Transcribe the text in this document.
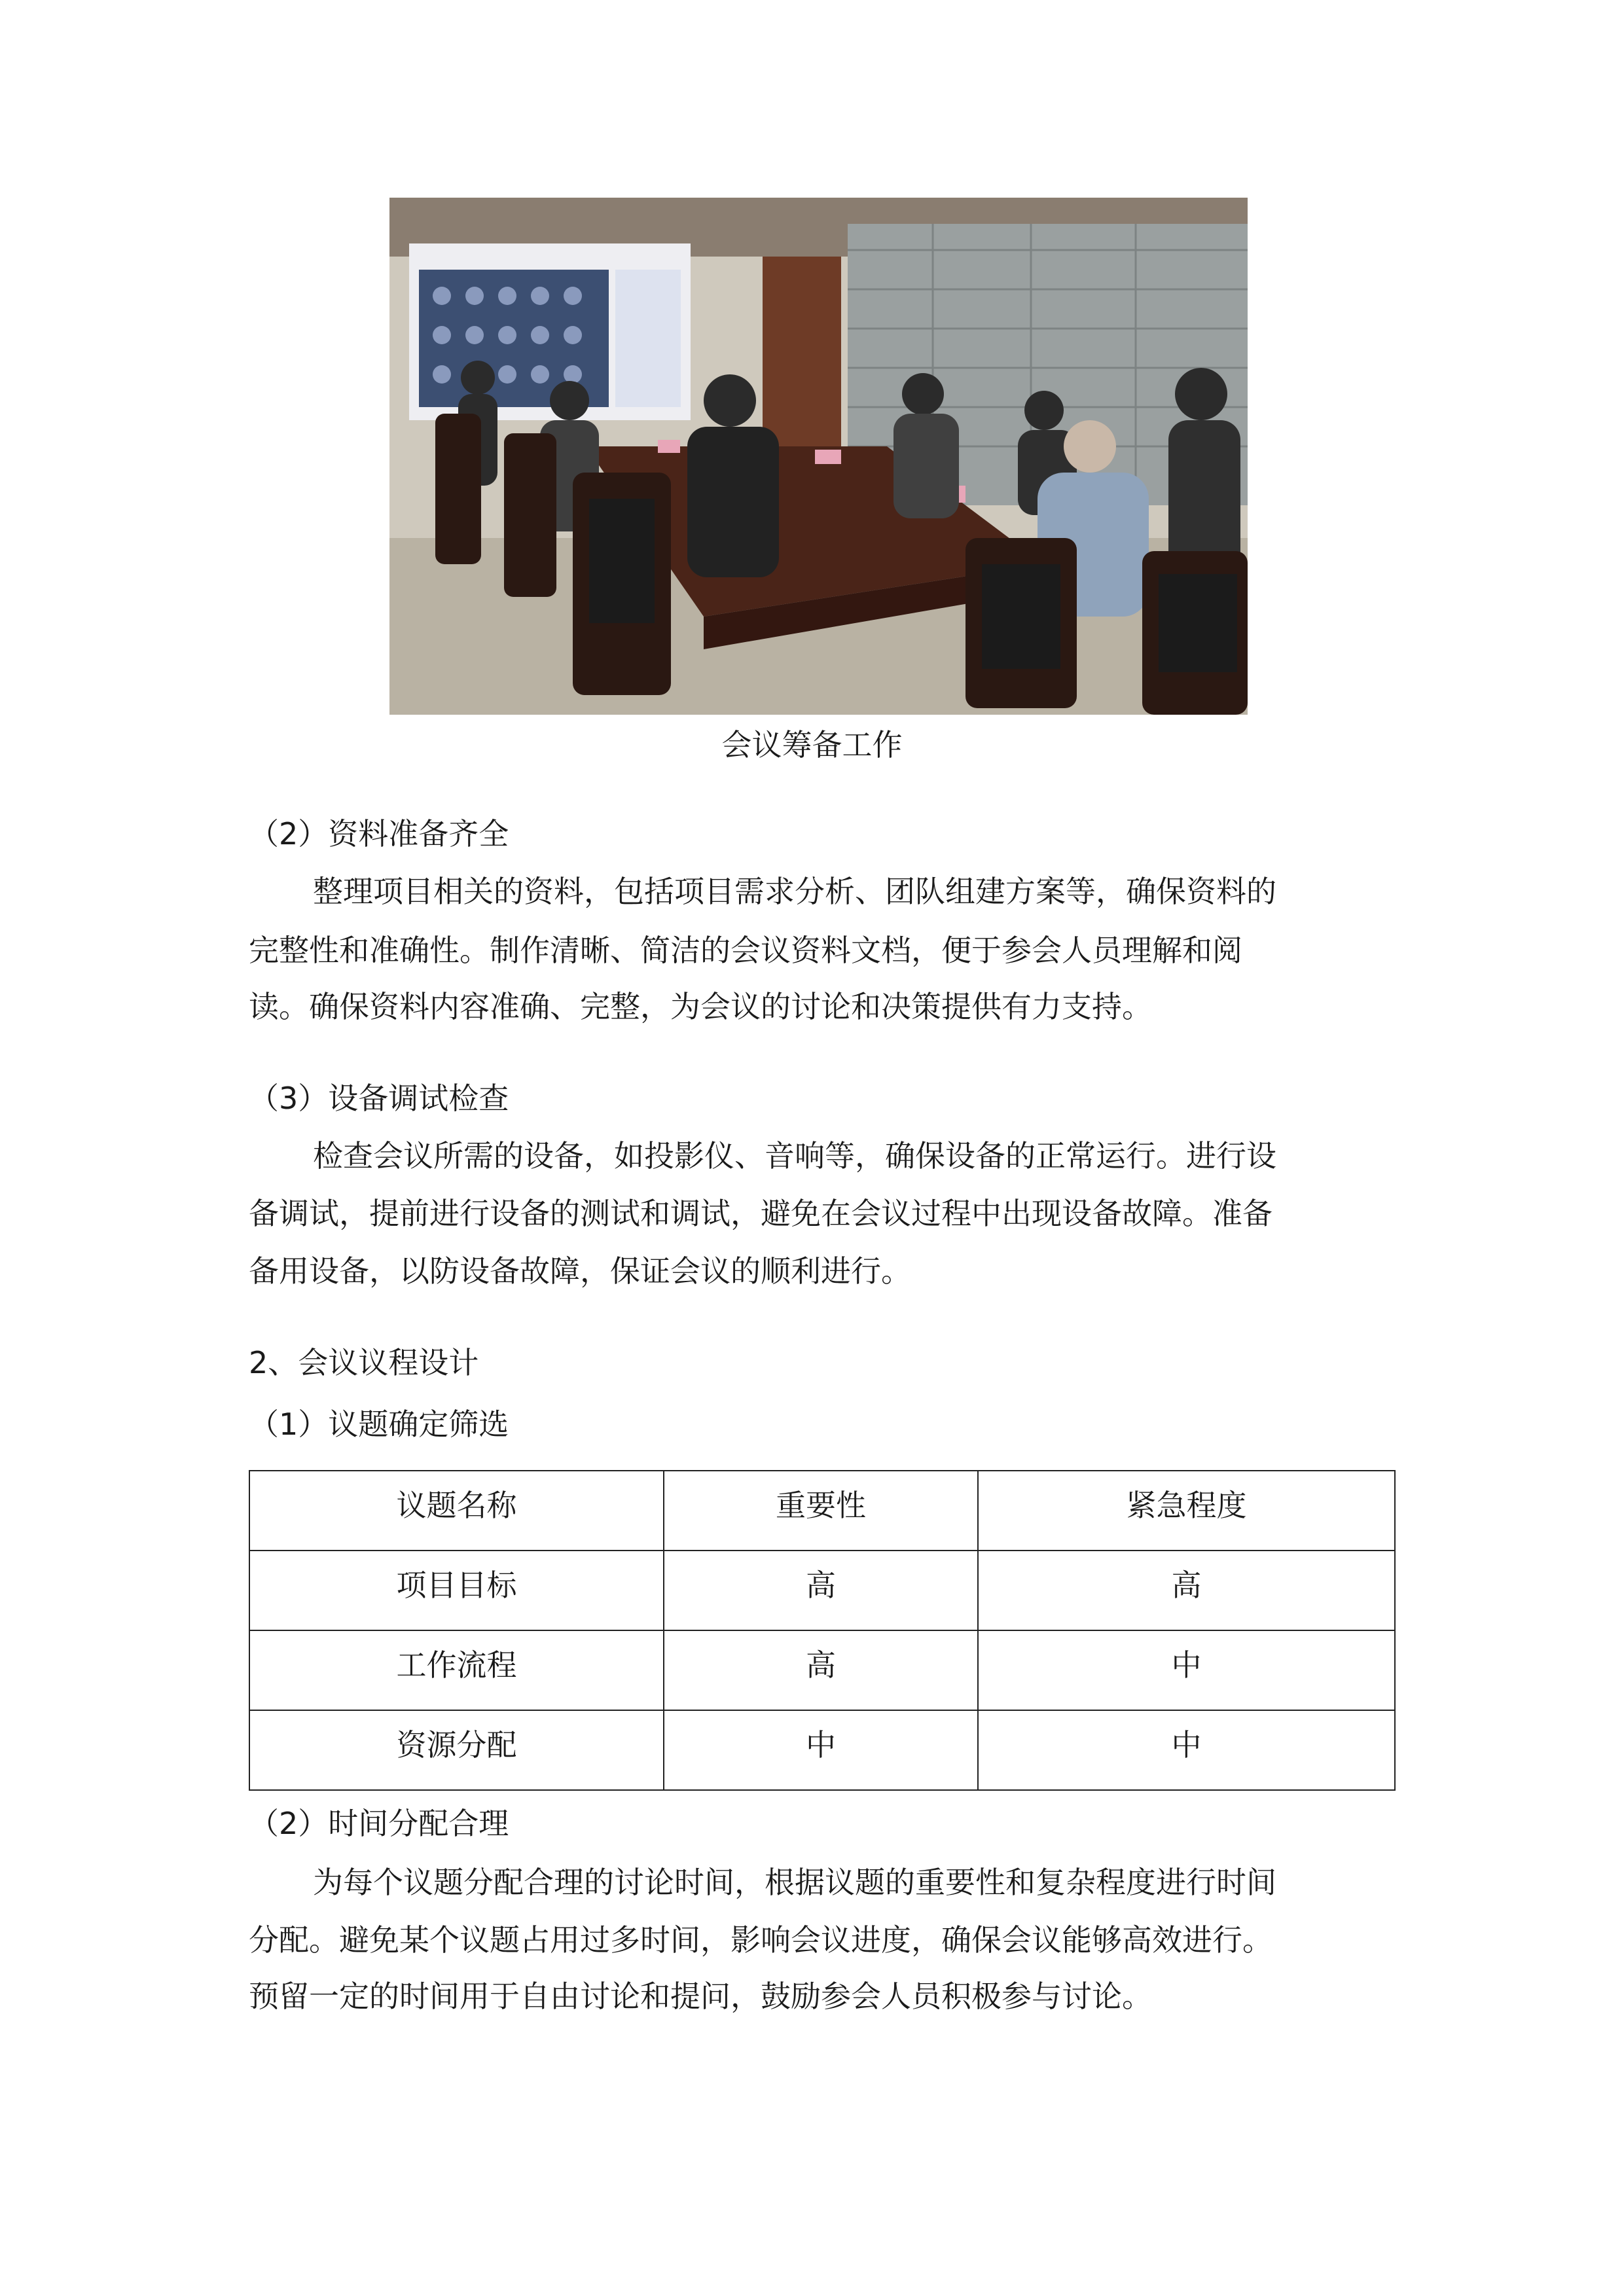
会议筹备工作
（2）资料准备齐全
整理项目相关的资料，包括项目需求分析、团队组建方案等，确保资料的
完整性和准确性。制作清晰、简洁的会议资料文档，便于参会人员理解和阅
读。确保资料内容准确、完整，为会议的讨论和决策提供有力支持。
（3）设备调试检查
检查会议所需的设备，如投影仪、音响等，确保设备的正常运行。进行设
备调试，提前进行设备的测试和调试，避免在会议过程中出现设备故障。准备
备用设备，以防设备故障，保证会议的顺利进行。
2、会议议程设计
（1）议题确定筛选
议题名称	重要性	紧急程度
项目目标	高	高
工作流程	高	中
资源分配	中	中
（2）时间分配合理
为每个议题分配合理的讨论时间，根据议题的重要性和复杂程度进行时间
分配。避免某个议题占用过多时间，影响会议进度，确保会议能够高效进行。
预留一定的时间用于自由讨论和提问，鼓励参会人员积极参与讨论。
